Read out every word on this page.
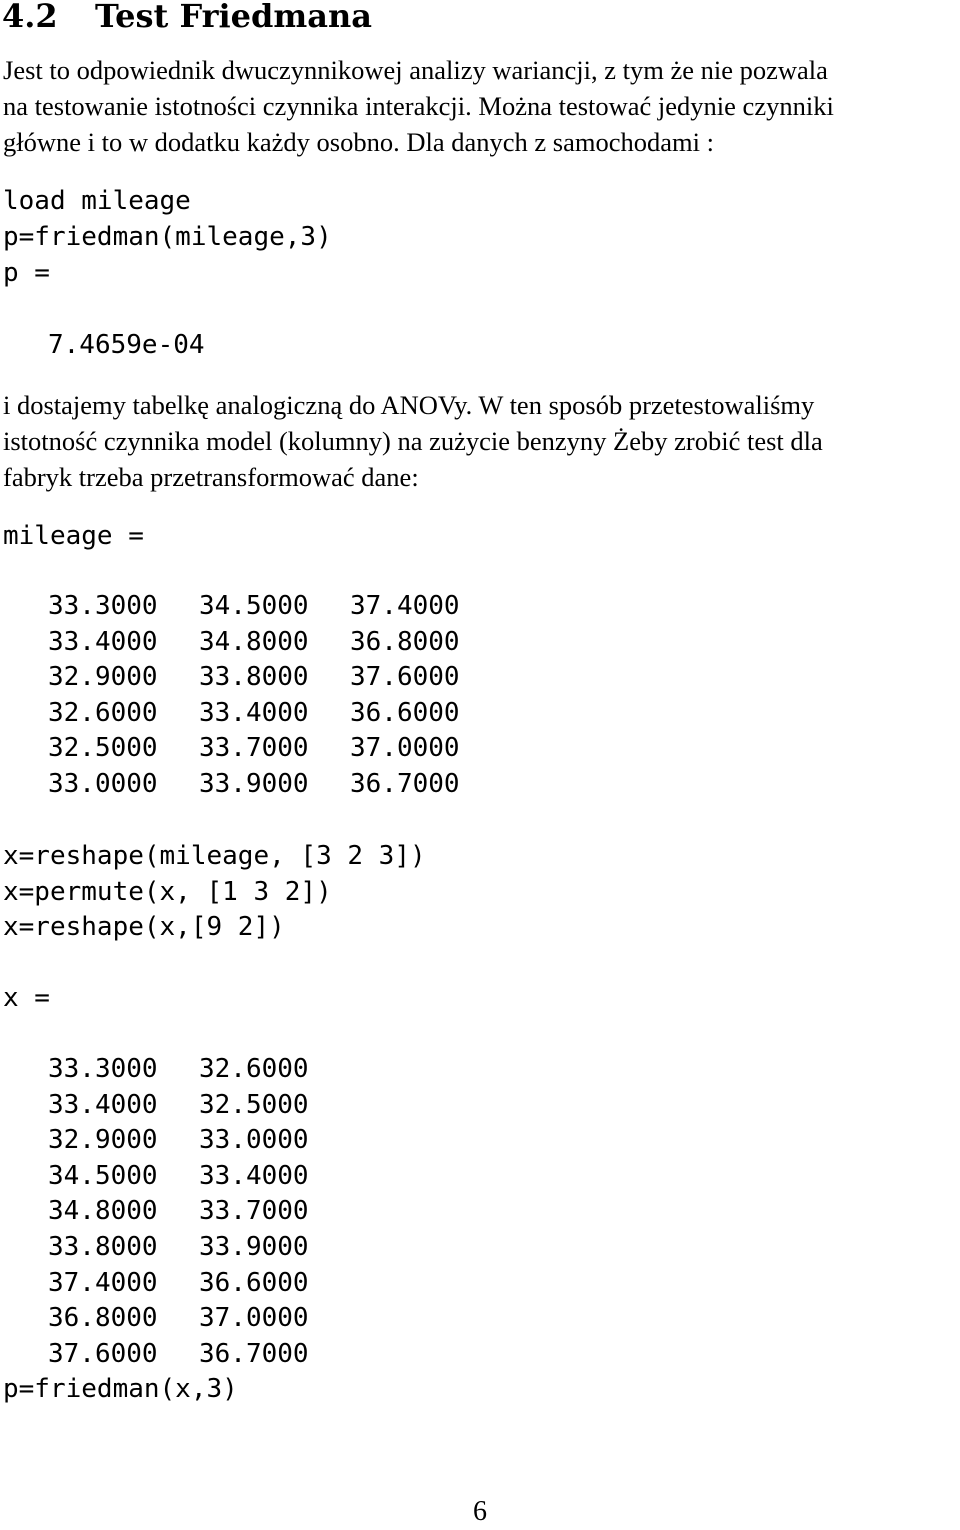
4.2 Test Friedmana

Jest to odpowiednik dwuczynnikowej analizy wariancji, z tym że nie pozwala

na testowanie istotności czynnika interakcji. Można testować jedynie czynniki

główne i to w dodatku każdy osobno. Dla danych z samochodami :

load mileage
p=friedman(mileage,3)
p =
7.4659e-04

i dostajemy tabelkę analogiczną do ANOVy. W ten sposób przetestowaliśmy

istotność czynnika model (kolumny) na zużycie benzyny Żeby zrobić test dla

fabryk trzeba przetransformować dane:

mileage =
33.3000	34.5000	37.4000
33.4000	34.8000	36.8000
32.9000	33.8000	37.6000
32.6000	33.4000	36.6000
32.5000	33.7000	37.0000
33.0000	33.9000	36.7000
x=reshape(mileage, [3 2 3])
x=permute(x, [1 3 2])
x=reshape(x,[9 2])
x =
33.3000	32.6000
33.4000	32.5000
32.9000	33.0000
34.5000	33.4000
34.8000	33.7000
33.8000	33.9000
37.4000	36.6000
36.8000	37.0000
37.6000	36.7000
p=friedman(x,3)
6
